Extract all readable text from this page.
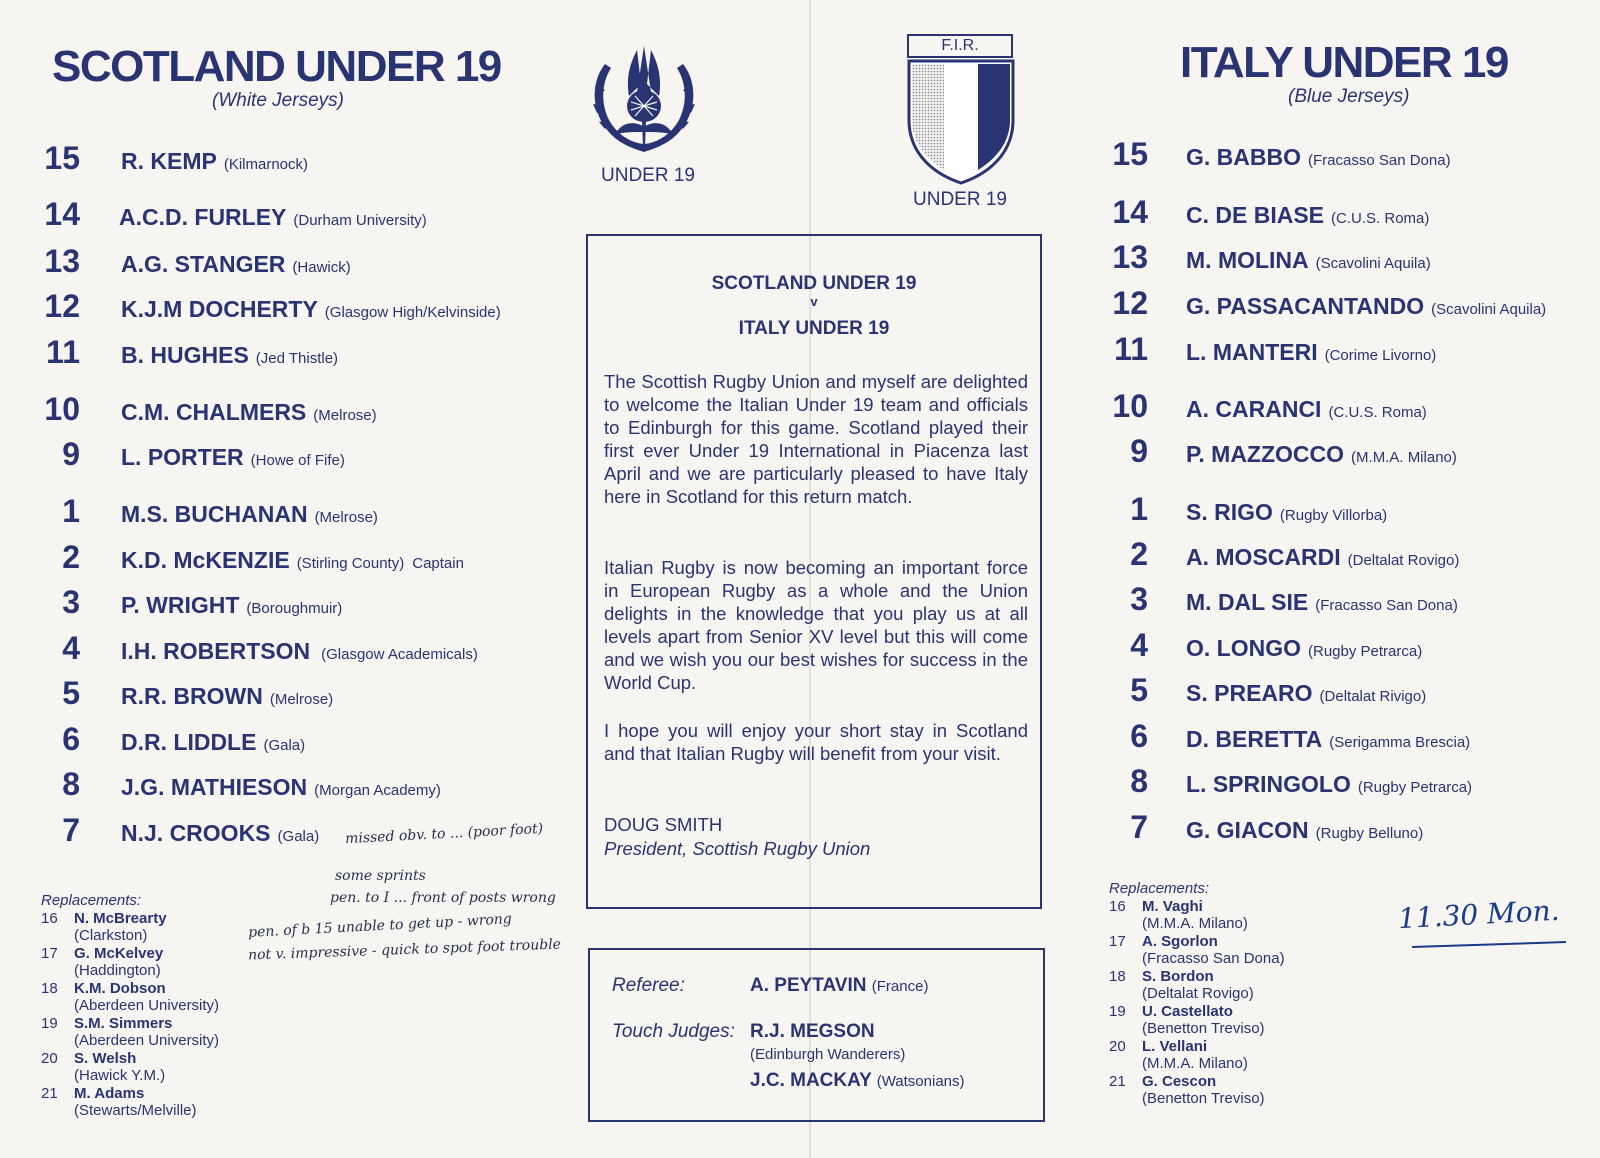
SCOTLAND UNDER 19
(White Jerseys)
UNDER 19
F.I.R.
UNDER 19
ITALY UNDER 19
(Blue Jerseys)
15 R. KEMP (Kilmarnock)
14 A.C.D. FURLEY (Durham University)
13 A.G. STANGER (Hawick)
12 K.J.M DOCHERTY (Glasgow High/Kelvinside)
11 B. HUGHES (Jed Thistle)
10 C.M. CHALMERS (Melrose)
9 L. PORTER (Howe of Fife)
1 M.S. BUCHANAN (Melrose)
2 K.D. McKENZIE (Stirling County) Captain
3 P. WRIGHT (Boroughmuir)
4 I.H. ROBERTSON (Glasgow Academicals)
5 R.R. BROWN (Melrose)
6 D.R. LIDDLE (Gala)
8 J.G. MATHIESON (Morgan Academy)
7 N.J. CROOKS (Gala)
Replacements:
16 N. McBrearty
(Clarkston)
17 G. McKelvey
(Haddington)
18 K.M. Dobson
(Aberdeen University)
19 S.M. Simmers
(Aberdeen University)
20 S. Welsh
(Hawick Y.M.)
21 M. Adams
(Stewarts/Melville)
15 G. BABBO (Fracasso San Dona)
14 C. DE BIASE (C.U.S. Roma)
13 M. MOLINA (Scavolini Aquila)
12 G. PASSACANTANDO (Scavolini Aquila)
11 L. MANTERI (Corime Livorno)
10 A. CARANCI (C.U.S. Roma)
9 P. MAZZOCCO (M.M.A. Milano)
1 S. RIGO (Rugby Villorba)
2 A. MOSCARDI (Deltalat Rovigo)
3 M. DAL SIE (Fracasso San Dona)
4 O. LONGO (Rugby Petrarca)
5 S. PREARO (Deltalat Rivigo)
6 D. BERETTA (Serigamma Brescia)
8 L. SPRINGOLO (Rugby Petrarca)
7 G. GIACON (Rugby Belluno)
Replacements:
16 M. Vaghi
(M.M.A. Milano)
17 A. Sgorlon
(Fracasso San Dona)
18 S. Bordon
(Deltalat Rovigo)
19 U. Castellato
(Benetton Treviso)
20 L. Vellani
(M.M.A. Milano)
21 G. Cescon
(Benetton Treviso)
SCOTLAND UNDER 19
v
ITALY UNDER 19
The Scottish Rugby Union and myself are delighted to welcome the Italian Under 19 team and officials to Edinburgh for this game. Scotland played their first ever Under 19 International in Piacenza last April and we are particularly pleased to have Italy here in Scotland for this return match.
Italian Rugby is now becoming an important force in European Rugby as a whole and the Union delights in the knowledge that you play us at all levels apart from Senior XV level but this will come and we wish you our best wishes for success in the World Cup.
I hope you will enjoy your short stay in Scotland and that Italian Rugby will benefit from your visit.
DOUG SMITH
President, Scottish Rugby Union
Referee:	A. PEYTAVIN (France)
Touch Judges: R.J. MEGSON
(Edinburgh Wanderers)
J.C. MACKAY (Watsonians)
missed obv. to ... (poor foot)
some sprints
pen. to I ... front of posts wrong
pen. of b 15 unable to get up - wrong
not v. impressive - quick to spot foot trouble
11.30 Mon.
